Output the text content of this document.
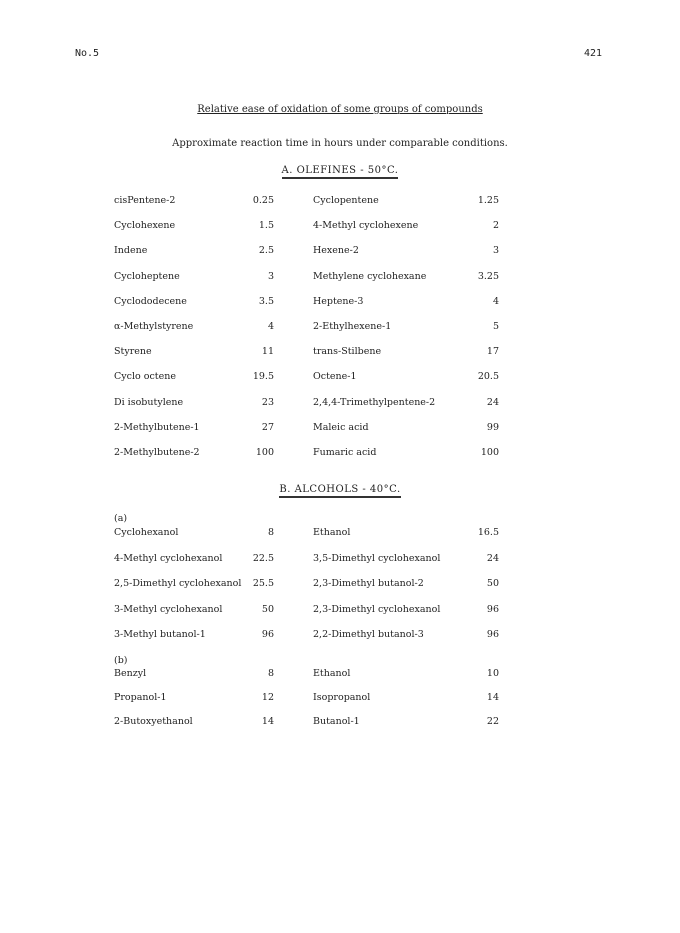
No.5	421
Relative ease of oxidation of some groups of compounds
Approximate reaction time in hours under comparable conditions.
A. OLEFINES - 50°C.
cisPentene-2	0.25	Cyclopentene	1.25
Cyclohexene	1.5	4-Methyl cyclohexene	2
Indene	2.5	Hexene-2	3
Cycloheptene	3	Methylene cyclohexane	3.25
Cyclododecene	3.5	Heptene-3	4
α-Methylstyrene	4	2-Ethylhexene-1	5
Styrene	11	trans-Stilbene	17
Cyclo octene	19.5	Octene-1	20.5
Di isobutylene	23	2,4,4-Trimethylpentene-2	24
2-Methylbutene-1	27	Maleic acid	99
2-Methylbutene-2	100	Fumaric acid	100
B. ALCOHOLS - 40°C.
(a)
Cyclohexanol	8	Ethanol	16.5
4-Methyl cyclohexanol	22.5	3,5-Dimethyl cyclohexanol	24
2,5-Dimethyl cyclohexanol 25.5	2,3-Dimethyl butanol-2	50
3-Methyl cyclohexanol	50	2,3-Dimethyl cyclohexanol	96
3-Methyl butanol-1	96	2,2-Dimethyl butanol-3	96
(b)
Benzyl	8	Ethanol	10
Propanol-1	12	Isopropanol	14
2-Butoxyethanol	14	Butanol-1	22
